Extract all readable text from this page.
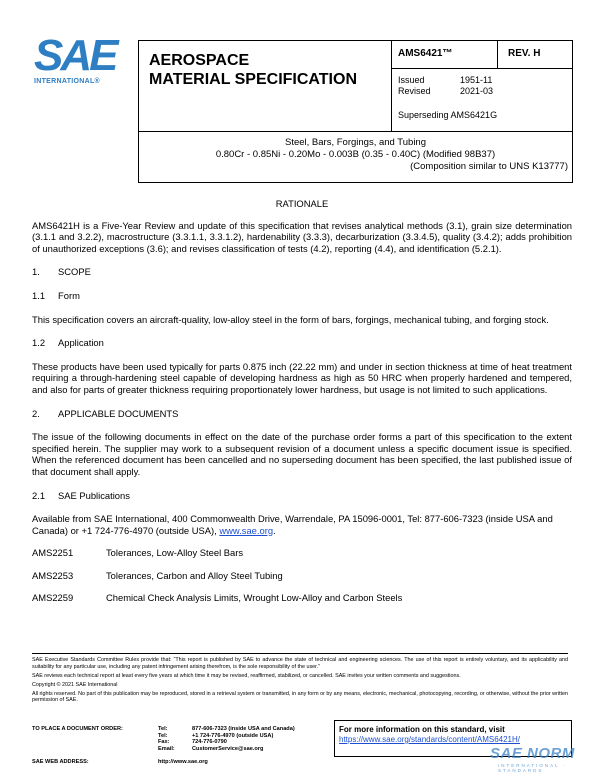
SAE
INTERNATIONAL®
AEROSPACE
MATERIAL SPECIFICATION
AMS6421™	REV. H
Issued	1951-11
Revised	2021-03
Superseding AMS6421G
Steel, Bars, Forgings, and Tubing
0.80Cr - 0.85Ni - 0.20Mo - 0.003B (0.35 - 0.40C) (Modified 98B37)
(Composition similar to UNS K13777)
RATIONALE

AMS6421H is a Five-Year Review and update of this specification that revises analytical methods (3.1), grain size determination (3.1.1 and 3.2.2), macrostructure (3.3.1.1, 3.3.1.2), hardenability (3.3.3), decarburization (3.3.4.5), quality (3.4.2); adds prohibition of unauthorized exceptions (3.6); and revises classification of tests (4.2), reporting (4.4), and identification (5.2.1).

1. SCOPE
1.1 Form

This specification covers an aircraft-quality, low-alloy steel in the form of bars, forgings, mechanical tubing, and forging stock.

1.2 Application

These products have been used typically for parts 0.875 inch (22.22 mm) and under in section thickness at time of heat treatment requiring a through-hardening steel capable of developing hardness as high as 50 HRC when properly hardened and tempered, and also for parts of greater thickness requiring proportionately lower hardness, but usage is not limited to such applications.

2. APPLICABLE DOCUMENTS

The issue of the following documents in effect on the date of the purchase order forms a part of this specification to the extent specified herein. The supplier may work to a subsequent revision of a document unless a specific document issue is specified. When the referenced document has been cancelled and no superseding document has been specified, the last published issue of that document shall apply.

2.1 SAE Publications

Available from SAE International, 400 Commonwealth Drive, Warrendale, PA 15096-0001, Tel: 877-606-7323 (inside USA and Canada) or +1 724-776-4970 (outside USA), www.sae.org.

AMS2251	Tolerances, Low-Alloy Steel Bars
AMS2253	Tolerances, Carbon and Alloy Steel Tubing
AMS2259	Chemical Check Analysis Limits, Wrought Low-Alloy and Carbon Steels

SAE Executive Standards Committee Rules provide that: “This report is published by SAE to advance the state of technical and engineering sciences. The use of this report is entirely voluntary, and its applicability and suitability for any particular use, including any patent infringement arising therefrom, is the sole responsibility of the user.”

SAE reviews each technical report at least every five years at which time it may be revised, reaffirmed, stabilized, or cancelled. SAE invites your written comments and suggestions.

Copyright © 2021 SAE International

All rights reserved. No part of this publication may be reproduced, stored in a retrieval system or transmitted, in any form or by any means, electronic, mechanical, photocopying, recording, or otherwise, without the prior written permission of SAE.

TO PLACE A DOCUMENT ORDER:	Tel:	877-606-7323 (inside USA and Canada)
Tel:	+1 724-776-4970 (outside USA)
Fax:	724-776-0790
Email:	CustomerService@sae.org
SAE WEB ADDRESS:	http://www.sae.org
For more information on this standard, visit
https://www.sae.org/standards/content/AMS6421H/
SAE NORM
INTERNATIONAL · STANDARDS
